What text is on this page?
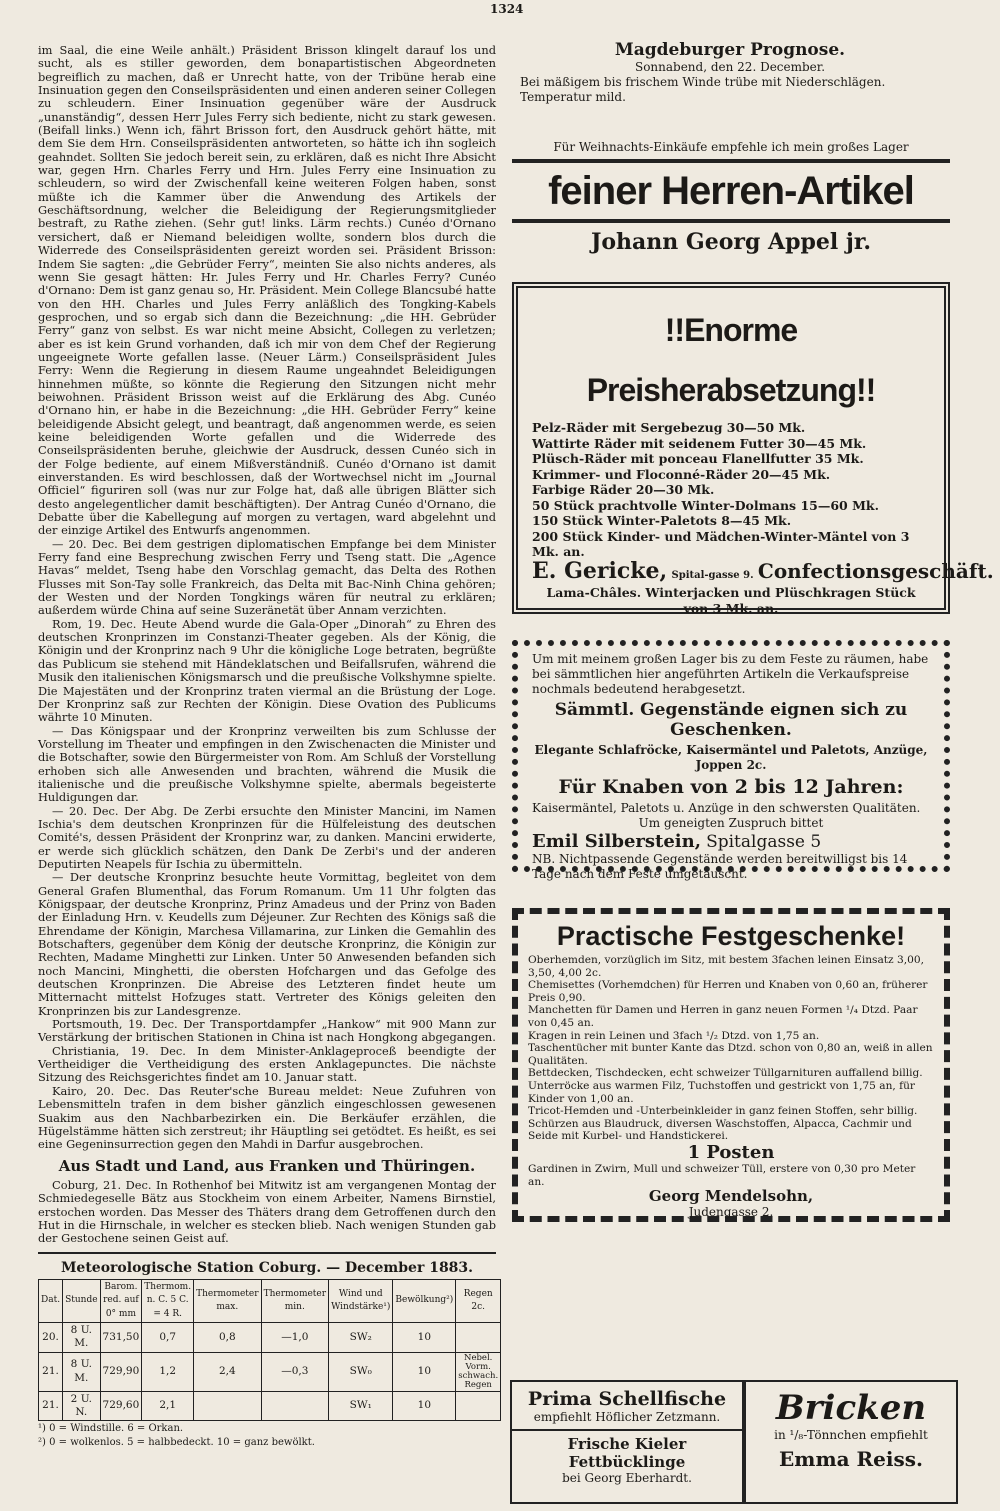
1324

im Saal, die eine Weile anhält.) Präsident Brisson klingelt darauf los und sucht, als es stiller geworden, dem bonapartistischen Abgeordneten begreiflich zu machen, daß er Unrecht hatte, von der Tribüne herab eine Insinuation gegen den Conseilspräsidenten und einen anderen seiner Collegen zu schleudern. Einer Insinuation gegenüber wäre der Ausdruck „unanständig“, dessen Herr Jules Ferry sich bediente, nicht zu stark gewesen. (Beifall links.) Wenn ich, fährt Brisson fort, den Ausdruck gehört hätte, mit dem Sie dem Hrn. Conseilspräsidenten antworteten, so hätte ich ihn sogleich geahndet. Sollten Sie jedoch bereit sein, zu erklären, daß es nicht Ihre Absicht war, gegen Hrn. Charles Ferry und Hrn. Jules Ferry eine Insinuation zu schleudern, so wird der Zwischenfall keine weiteren Folgen haben, sonst müßte ich die Kammer über die Anwendung des Artikels der Geschäftsordnung, welcher die Beleidigung der Regierungsmitglieder bestraft, zu Rathe ziehen. (Sehr gut! links. Lärm rechts.) Cunéo d'Ornano versichert, daß er Niemand beleidigen wollte, sondern blos durch die Widerrede des Conseilspräsidenten gereizt worden sei. Präsident Brisson: Indem Sie sagten: „die Gebrüder Ferry“, meinten Sie also nichts anderes, als wenn Sie gesagt hätten: Hr. Jules Ferry und Hr. Charles Ferry? Cunéo d'Ornano: Dem ist ganz genau so, Hr. Präsident. Mein College Blancsubé hatte von den HH. Charles und Jules Ferry anläßlich des Tongking-Kabels gesprochen, und so ergab sich dann die Bezeichnung: „die HH. Gebrüder Ferry“ ganz von selbst. Es war nicht meine Absicht, Collegen zu verletzen; aber es ist kein Grund vorhanden, daß ich mir von dem Chef der Regierung ungeeignete Worte gefallen lasse. (Neuer Lärm.) Conseilspräsident Jules Ferry: Wenn die Regierung in diesem Raume ungeahndet Beleidigungen hinnehmen müßte, so könnte die Regierung den Sitzungen nicht mehr beiwohnen. Präsident Brisson weist auf die Erklärung des Abg. Cunéo d'Ornano hin, er habe in die Bezeichnung: „die HH. Gebrüder Ferry“ keine beleidigende Absicht gelegt, und beantragt, daß angenommen werde, es seien keine beleidigenden Worte gefallen und die Widerrede des Conseilspräsidenten beruhe, gleichwie der Ausdruck, dessen Cunéo sich in der Folge bediente, auf einem Mißverständniß. Cunéo d'Ornano ist damit einverstanden. Es wird beschlossen, daß der Wortwechsel nicht im „Journal Officiel“ figuriren soll (was nur zur Folge hat, daß alle übrigen Blätter sich desto angelegentlicher damit beschäftigten). Der Antrag Cunéo d'Ornano, die Debatte über die Kabellegung auf morgen zu vertagen, ward abgelehnt und der einzige Artikel des Entwurfs angenommen.

— 20. Dec. Bei dem gestrigen diplomatischen Empfange bei dem Minister Ferry fand eine Besprechung zwischen Ferry und Tseng statt. Die „Agence Havas“ meldet, Tseng habe den Vorschlag gemacht, das Delta des Rothen Flusses mit Son-Tay solle Frankreich, das Delta mit Bac-Ninh China gehören; der Westen und der Norden Tongkings wären für neutral zu erklären; außerdem würde China auf seine Suzeränetät über Annam verzichten.

Rom, 19. Dec. Heute Abend wurde die Gala-Oper „Dinorah“ zu Ehren des deutschen Kronprinzen im Constanzi-Theater gegeben. Als der König, die Königin und der Kronprinz nach 9 Uhr die königliche Loge betraten, begrüßte das Publicum sie stehend mit Händeklatschen und Beifallsrufen, während die Musik den italienischen Königsmarsch und die preußische Volkshymne spielte. Die Majestäten und der Kronprinz traten viermal an die Brüstung der Loge. Der Kronprinz saß zur Rechten der Königin. Diese Ovation des Publicums währte 10 Minuten.

— Das Königspaar und der Kronprinz verweilten bis zum Schlusse der Vorstellung im Theater und empfingen in den Zwischenacten die Minister und die Botschafter, sowie den Bürgermeister von Rom. Am Schluß der Vorstellung erhoben sich alle Anwesenden und brachten, während die Musik die italienische und die preußische Volkshymne spielte, abermals begeisterte Huldigungen dar.

— 20. Dec. Der Abg. De Zerbi ersuchte den Minister Mancini, im Namen Ischia's dem deutschen Kronprinzen für die Hülfeleistung des deutschen Comité's, dessen Präsident der Kronprinz war, zu danken. Mancini erwiderte, er werde sich glücklich schätzen, den Dank De Zerbi's und der anderen Deputirten Neapels für Ischia zu übermitteln.

— Der deutsche Kronprinz besuchte heute Vormittag, begleitet von dem General Grafen Blumenthal, das Forum Romanum. Um 11 Uhr folgten das Königspaar, der deutsche Kronprinz, Prinz Amadeus und der Prinz von Baden der Einladung Hrn. v. Keudells zum Déjeuner. Zur Rechten des Königs saß die Ehrendame der Königin, Marchesa Villamarina, zur Linken die Gemahlin des Botschafters, gegenüber dem König der deutsche Kronprinz, die Königin zur Rechten, Madame Minghetti zur Linken. Unter 50 Anwesenden befanden sich noch Mancini, Minghetti, die obersten Hofchargen und das Gefolge des deutschen Kronprinzen. Die Abreise des Letzteren findet heute um Mitternacht mittelst Hofzuges statt. Vertreter des Königs geleiten den Kronprinzen bis zur Landesgrenze.

Portsmouth, 19. Dec. Der Transportdampfer „Hankow“ mit 900 Mann zur Verstärkung der britischen Stationen in China ist nach Hongkong abgegangen.

Christiania, 19. Dec. In dem Minister-Anklageproceß beendigte der Vertheidiger die Vertheidigung des ersten Anklagepunctes. Die nächste Sitzung des Reichsgerichtes findet am 10. Januar statt.

Kairo, 20. Dec. Das Reuter'sche Bureau meldet: Neue Zufuhren von Lebensmitteln trafen in dem bisher gänzlich eingeschlossen gewesenen Suakim aus den Nachbarbezirken ein. Die Berkäufer erzählen, die Hügelstämme hätten sich zerstreut; ihr Häuptling sei getödtet. Es heißt, es sei eine Gegeninsurrection gegen den Mahdi in Darfur ausgebrochen.

Aus Stadt und Land, aus Franken und Thüringen.

Coburg, 21. Dec. In Rothenhof bei Mitwitz ist am vergangenen Montag der Schmiedegeselle Bätz aus Stockheim von einem Arbeiter, Namens Birnstiel, erstochen worden. Das Messer des Thäters drang dem Getroffenen durch den Hut in die Hirnschale, in welcher es stecken blieb. Nach wenigen Stunden gab der Gestochene seinen Geist auf.

Meteorologische Station Coburg. — December 1883.
Dat.	Stunde	Barom. red. auf 0° mm	Thermom. n. C. 5 C. = 4 R.	Thermometer max.	Thermometer min.	Wind und Windstärke¹)	Bewölkung²)	Regen 2c.
20.	8 U. M.	731,50	0,7	0,8	—1,0	SW₂	10	
21.	8 U. M.	729,90	1,2	2,4	—0,3	SW₀	10	Nebel. Vorm. schwach. Regen
21.	2 U. N.	729,60	2,1			SW₁	10	
¹) 0 = Windstille. 6 = Orkan.
²) 0 = wolkenlos. 5 = halbbedeckt. 10 = ganz bewölkt.
Magdeburger Prognose.
Sonnabend, den 22. December.
Bei mäßigem bis frischem Winde trübe mit Niederschlägen. Temperatur mild.
Für Weihnachts-Einkäufe empfehle ich mein großes Lager
feiner Herren-Artikel
Johann Georg Appel jr.
!!Enorme Preisherabsetzung!!
Pelz-Räder mit Sergebezug 30—50 Mk.
Wattirte Räder mit seidenem Futter 30—45 Mk.
Plüsch-Räder mit ponceau Flanellfutter 35 Mk.
Krimmer- und Floconné-Räder 20—45 Mk.
Farbige Räder 20—30 Mk.
50 Stück prachtvolle Winter-Dolmans 15—60 Mk.
150 Stück Winter-Paletots 8—45 Mk.
200 Stück Kinder- und Mädchen-Winter-Mäntel von 3 Mk. an.
E. Gericke, Spital-gasse 9. Confectionsgeschäft.
Lama-Châles. Winterjacken und Plüschkragen Stück von 3 Mk. an.
Um mit meinem großen Lager bis zu dem Feste zu räumen, habe bei sämmtlichen hier angeführten Artikeln die Verkaufspreise nochmals bedeutend herabgesetzt.
Sämmtl. Gegenstände eignen sich zu Geschenken.
Elegante Schlafröcke, Kaisermäntel und Paletots, Anzüge, Joppen 2c.
Für Knaben von 2 bis 12 Jahren:
Kaisermäntel, Paletots u. Anzüge in den schwersten Qualitäten.
Um geneigten Zuspruch bittet
Emil Silberstein, Spitalgasse 5
NB. Nichtpassende Gegenstände werden bereitwilligst bis 14 Tage nach dem Feste umgetauscht.
Practische Festgeschenke!
Oberhemden, vorzüglich im Sitz, mit bestem 3fachen leinen Einsatz 3,00, 3,50, 4,00 2c.
Chemisettes (Vorhemdchen) für Herren und Knaben von 0,60 an, früherer Preis 0,90.
Manchetten für Damen und Herren in ganz neuen Formen ¹/₄ Dtzd. Paar von 0,45 an.
Kragen in rein Leinen und 3fach ¹/₂ Dtzd. von 1,75 an.
Taschentücher mit bunter Kante das Dtzd. schon von 0,80 an, weiß in allen Qualitäten.
Bettdecken, Tischdecken, echt schweizer Tüllgarnituren auffallend billig.
Unterröcke aus warmen Filz, Tuchstoffen und gestrickt von 1,75 an, für Kinder von 1,00 an.
Tricot-Hemden und -Unterbeinkleider in ganz feinen Stoffen, sehr billig.
Schürzen aus Blaudruck, diversen Waschstoffen, Alpacca, Cachmir und Seide mit Kurbel- und Handstickerei.
1 Posten
Gardinen in Zwirn, Mull und schweizer Tüll, erstere von 0,30 pro Meter an.
Georg Mendelsohn,
Judengasse 2.
Prima Schellfische
empfiehlt Höflicher Zetzmann.
Frische Kieler Fettbücklinge
bei Georg Eberhardt.
Bricken
in ¹/₈-Tönnchen empfiehlt
Emma Reiss.
